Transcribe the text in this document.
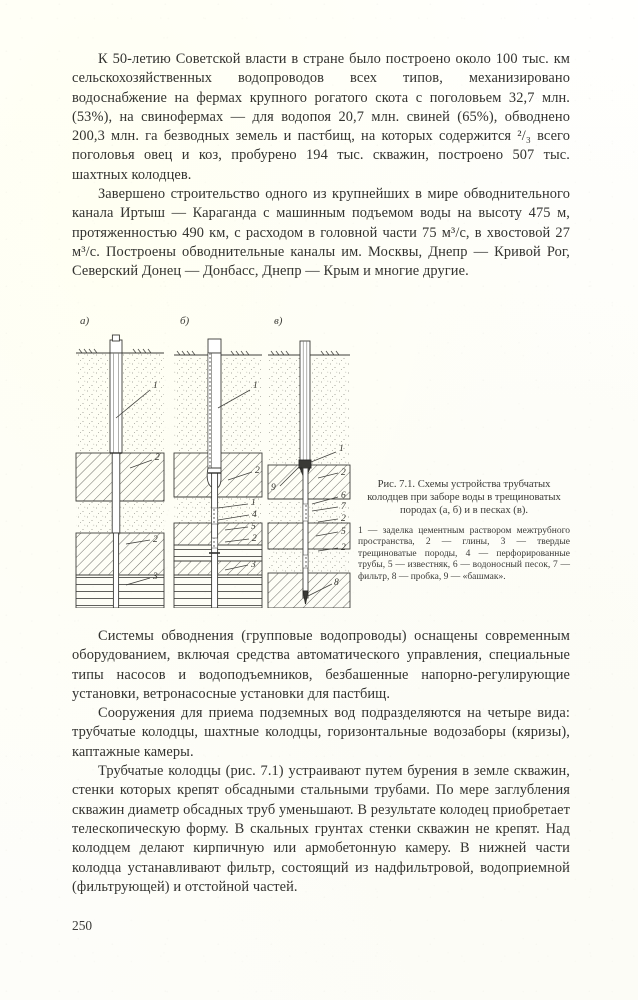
К 50-летию Советской власти в стране было построено около 100 тыс. км сельскохозяйственных водопроводов всех типов, механизировано водоснабжение на фермах крупного рогатого скота с поголовьем 32,7 млн. (53%), на свинофермах — для водопоя 20,7 млн. свиней (65%), обводнено 200,3 млн. га безводных земель и пастбищ, на которых содержится ²/₃ всего поголовья овец и коз, пробурено 194 тыс. скважин, построено 507 тыс. шахтных колодцев.

Завершено строительство одного из крупнейших в мире обводнительного канала Иртыш — Караганда с машинным подъемом воды на высоту 475 м, протяженностью 490 км, с расходом в головной части 75 м³/с, в хвостовой 27 м³/с. Построены обводнительные каналы им. Москвы, Днепр — Кривой Рог, Северский Донец — Донбасс, Днепр — Крым и многие другие.

а)
1
2
2
3
б)
1
2
1
4
5
2
3
в)
1
2
6
7
2
5
2
8
9	Рис. 7.1. Схемы устройства трубчатых колодцев при заборе воды в трещиноватых породах (а, б) и в песках (в).

1 — заделка цементным раствором межтрубного пространства, 2 — глины, 3 — твердые трещиноватые породы, 4 — перфорированные трубы, 5 — известняк, 6 — водоносный песок, 7 — фильтр, 8 — пробка, 9 — «башмак».

Системы обводнения (групповые водопроводы) оснащены современным оборудованием, включая средства автоматического управления, специальные типы насосов и водоподъемников, безбашенные напорно-регулирующие установки, ветронасосные установки для пастбищ.

Сооружения для приема подземных вод подразделяются на четыре вида: трубчатые колодцы, шахтные колодцы, горизонтальные водозаборы (кяризы), каптажные камеры.

Трубчатые колодцы (рис. 7.1) устраивают путем бурения в земле скважин, стенки которых крепят обсадными стальными трубами. По мере заглубления скважин диаметр обсадных труб уменьшают. В результате колодец приобретает телескопическую форму. В скальных грунтах стенки скважин не крепят. Над колодцем делают кирпичную или армобетонную камеру. В нижней части колодца устанавливают фильтр, состоящий из надфильтровой, водоприемной (фильтрующей) и отстойной частей.

250
